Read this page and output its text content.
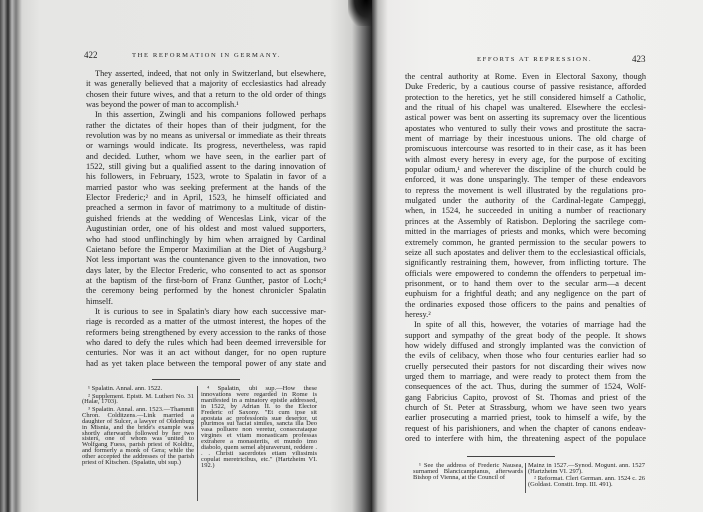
422	THE REFORMATION IN GERMANY.
They asserted, indeed, that not only in Switzerland, but elsewhere,
it was generally believed that a majority of ecclesiastics had already
chosen their future wives, and that a return to the old order of things
was beyond the power of man to accomplish.¹
In this assertion, Zwingli and his companions followed perhaps
rather the dictates of their hopes than of their judgment, for the
revolution was by no means as universal or immediate as their threats
or warnings would indicate. Its progress, nevertheless, was rapid
and decided. Luther, whom we have seen, in the earlier part of
1522, still giving but a qualified assent to the daring innovation of
his followers, in February, 1523, wrote to Spalatin in favor of a
married pastor who was seeking preferment at the hands of the
Elector Frederic;² and in April, 1523, he himself officiated and
preached a sermon in favor of matrimony to a multitude of distin-
guished friends at the wedding of Wenceslas Link, vicar of the
Augustinian order, one of his oldest and most valued supporters,
who had stood unflinchingly by him when arraigned by Cardinal
Caietano before the Emperor Maximilian at the Diet of Augsburg.³
Not less important was the countenance given to the innovation, two
days later, by the Elector Frederic, who consented to act as sponsor
at the baptism of the first-born of Franz Gunther, pastor of Loch;⁴
the ceremony being performed by the honest chronicler Spalatin
himself.
It is curious to see in Spalatin's diary how each successive mar-
riage is recorded as a matter of the utmost interest, the hopes of the
reformers being strengthened by every accession to the ranks of those
who dared to defy the rules which had been deemed irreversible for
centuries. Nor was it an act without danger, for no open rupture
had as yet taken place between the temporal power of any state and
¹ Spalatin. Annal. ann. 1522.
² Supplement. Epistt. M. Lutheri No. 31 (Halæ, 1703).
³ Spalatin. Annal. ann. 1523.—Thammii Chron. Colditzens.—Link married a daughter of Sulcer, a lawyer of Oldenburg in Misnia, and the bride's example was shortly afterwards followed by her two sisters, one of whom was united to Wolfgang Fuess, parish priest of Kolditz, and formerly a monk of Gera; while the other accepted the addresses of the parish priest of Kitschen. (Spalatin, ubi sup.)
⁴ Spalatin, ubi sup.—How these innovations were regarded in Rome is manifested in a minatory epistle addressed, in 1522, by Adrian II. to the Elector Frederic of Saxony. "Et cum ipse sit apostata ac professionis suæ desertor, ut plurimos sui faciat similes, sancta illa Deo vasa polluere non veretur, consecrataque virgines et vitam monasticam professas extrahere a monasteriis, et mundo imo diabolo, quem semel abjuraverunt, reddere . . . Christi sacerdotes etiam vilissimis copulat meretricibus, etc." (Hartzheim VI. 192.)
EFFORTS AT REPRESSION.	423
the central authority at Rome. Even in Electoral Saxony, though
Duke Frederic, by a cautious course of passive resistance, afforded
protection to the heretics, yet he still considered himself a Catholic,
and the ritual of his chapel was unaltered. Elsewhere the ecclesi-
astical power was bent on asserting its supremacy over the licentious
apostates who ventured to sully their vows and prostitute the sacra-
ment of marriage by their incestuous unions. The old charge of
promiscuous intercourse was resorted to in their case, as it has been
with almost every heresy in every age, for the purpose of exciting
popular odium,¹ and wherever the discipline of the church could be
enforced, it was done unsparingly. The temper of these endeavors
to repress the movement is well illustrated by the regulations pro-
mulgated under the authority of the Cardinal-legate Campeggi,
when, in 1524, he succeeded in uniting a number of reactionary
princes at the Assembly of Ratisbon. Deploring the sacrilege com-
mitted in the marriages of priests and monks, which were becoming
extremely common, he granted permission to the secular powers to
seize all such apostates and deliver them to the ecclesiastical officials,
significantly restraining them, however, from inflicting torture. The
officials were empowered to condemn the offenders to perpetual im-
prisonment, or to hand them over to the secular arm—a decent
euphuism for a frightful death; and any negligence on the part of
the ordinaries exposed those officers to the pains and penalties of
heresy.²
In spite of all this, however, the votaries of marriage had the
support and sympathy of the great body of the people. It shows
how widely diffused and strongly implanted was the conviction of
the evils of celibacy, when those who four centuries earlier had so
cruelly persecuted their pastors for not discarding their wives now
urged them to marriage, and were ready to protect them from the
consequences of the act. Thus, during the summer of 1524, Wolf-
gang Fabricius Capito, provost of St. Thomas and priest of the
church of St. Peter at Strassburg, whom we have seen two years
earlier prosecuting a married priest, took to himself a wife, by the
request of his parishioners, and when the chapter of canons endeav-
ored to interfere with him, the threatening aspect of the populace
¹ See the address of Frederic Nausea, surnamed Blancicampianus, afterwards Bishop of Vienna, at the Council of
Mainz in 1527.—Synod. Mogunt. ann. 1527 (Hartzheim VI. 297).
² Reformat. Cleri German. ann. 1524 c. 26 (Goldast. Constit. Imp. III. 491).
